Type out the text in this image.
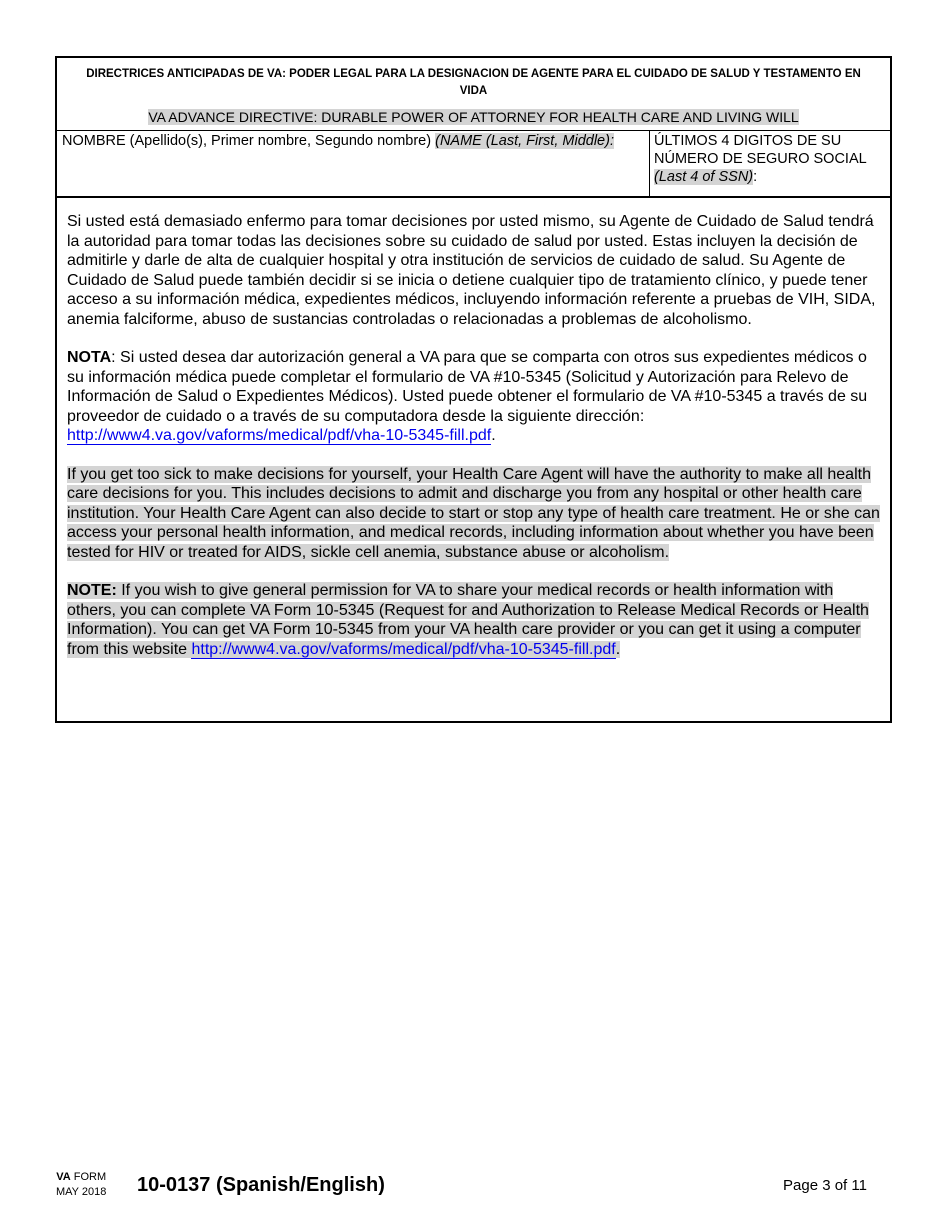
DIRECTRICES ANTICIPADAS DE VA: PODER LEGAL PARA LA DESIGNACION DE AGENTE PARA EL CUIDADO DE SALUD Y TESTAMENTO EN VIDA
VA ADVANCE DIRECTIVE: DURABLE POWER OF ATTORNEY FOR HEALTH CARE AND LIVING WILL
NOMBRE (Apellido(s), Primer nombre, Segundo nombre) (NAME (Last, First, Middle):	ÚLTIMOS 4 DIGITOS DE SU NÚMERO DE SEGURO SOCIAL
(Last 4 of SSN):

Si usted está demasiado enfermo para tomar decisiones por usted mismo, su Agente de Cuidado de Salud tendrá la autoridad para tomar todas las decisiones sobre su cuidado de salud por usted. Estas incluyen la decisión de admitirle y darle de alta de cualquier hospital y otra institución de servicios de cuidado de salud. Su Agente de Cuidado de Salud puede también decidir si se inicia o detiene cualquier tipo de tratamiento clínico, y puede tener acceso a su información médica, expedientes médicos, incluyendo información referente a pruebas de VIH, SIDA, anemia falciforme, abuso de sustancias controladas o relacionadas a problemas de alcoholismo.

NOTA: Si usted desea dar autorización general a VA para que se comparta con otros sus expedientes médicos o su información médica puede completar el formulario de VA #10-5345 (Solicitud y Autorización para Relevo de Información de Salud o Expedientes Médicos). Usted puede obtener el formulario de VA #10-5345 a través de su proveedor de cuidado o a través de su computadora desde la siguiente dirección: http://www4.va.gov/vaforms/medical/pdf/vha-10-5345-fill.pdf.

If you get too sick to make decisions for yourself, your Health Care Agent will have the authority to make all health care decisions for you. This includes decisions to admit and discharge you from any hospital or other health care institution. Your Health Care Agent can also decide to start or stop any type of health care treatment. He or she can access your personal health information, and medical records, including information about whether you have been tested for HIV or treated for AIDS, sickle cell anemia, substance abuse or alcoholism.

NOTE: If you wish to give general permission for VA to share your medical records or health information with others, you can complete VA Form 10-5345 (Request for and Authorization to Release Medical Records or Health Information). You can get VA Form 10-5345 from your VA health care provider or you can get it using a computer from this website http://www4.va.gov/vaforms/medical/pdf/vha-10-5345-fill.pdf.

VA FORM
MAY 2018 10-0137 (Spanish/English)	Page 3 of 11
